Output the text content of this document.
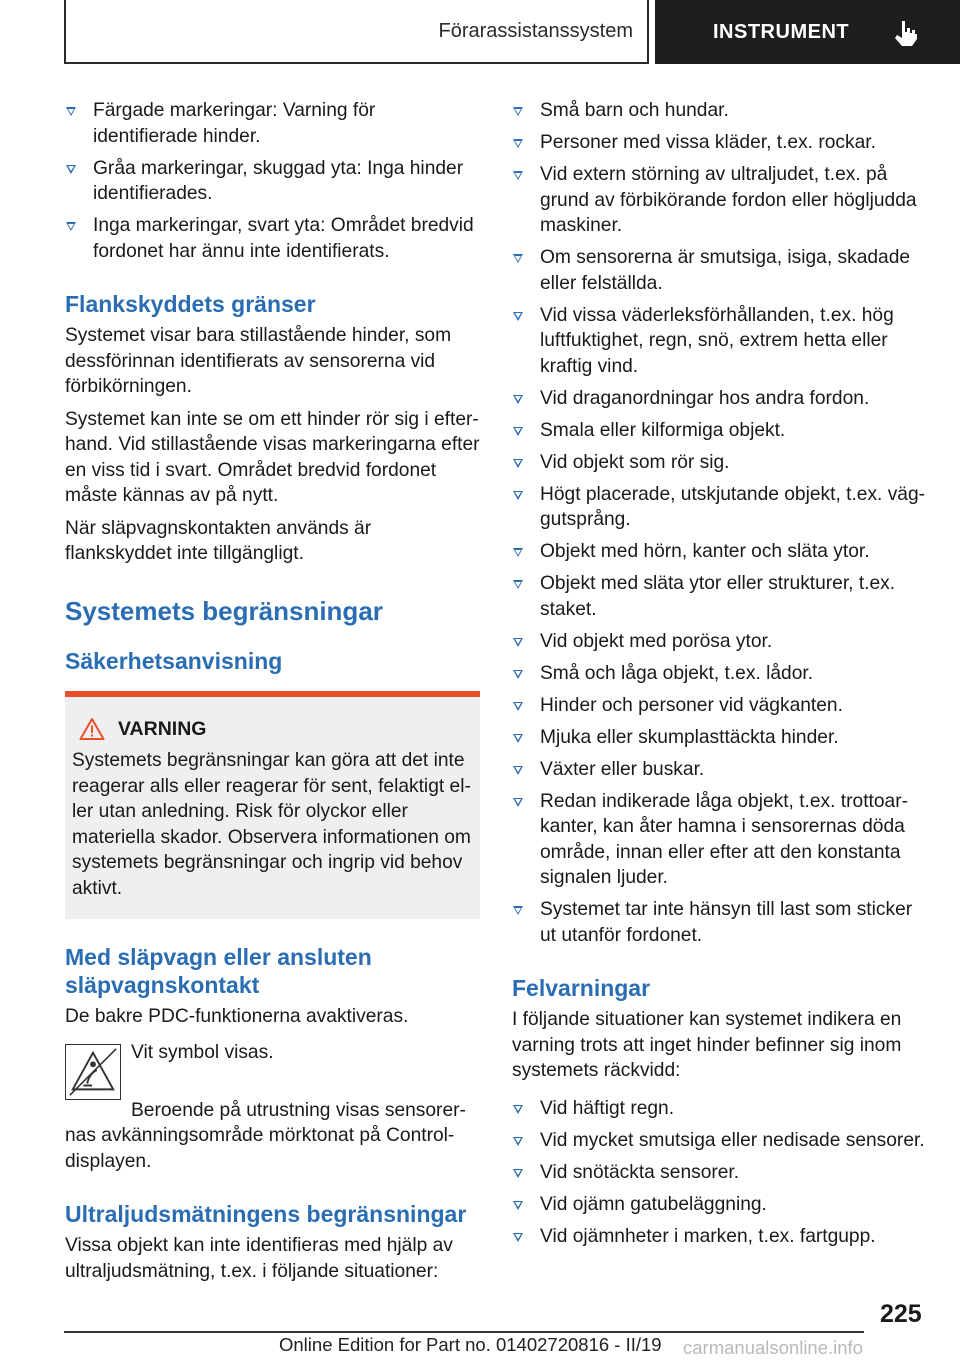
Förarassistanssystem	INSTRUMENT
Färgade markeringar: Varning för identifierade hinder.
Gråa markeringar, skuggad yta: Inga hinder identifierades.
Inga markeringar, svart yta: Området bredvid fordonet har ännu inte identifierats.
Flankskyddets gränser

Systemet visar bara stillastående hinder, som dessförinnan identifierats av sensorerna vid förbikörningen.

Systemet kan inte se om ett hinder rör sig i efterhand. Vid stillastående visas markeringarna efter en viss tid i svart. Området bredvid fordonet måste kännas av på nytt.

När släpvagnskontakten används är flankskyddet inte tillgängligt.

Systemets begränsningar
Säkerhetsanvisning
VARNING
Systemets begränsningar kan göra att det inte reagerar alls eller reagerar för sent, felaktigt eller utan anledning. Risk för olyckor eller materiella skador. Observera informationen om systemets begränsningar och ingrip vid behov aktivt.
Med släpvagn eller ansluten släpvagnskontakt

De bakre PDC-funktionerna avaktiveras.

Vit symbol visas.

Beroende på utrustning visas sensorernas avkänningsområde mörktonat på Control-displayen.

Ultraljudsmätningens begränsningar

Vissa objekt kan inte identifieras med hjälp av ultraljudsmätning, t.ex. i följande situationer:

Små barn och hundar.
Personer med vissa kläder, t.ex. rockar.
Vid extern störning av ultraljudet, t.ex. på grund av förbikörande fordon eller högljudda maskiner.
Om sensorerna är smutsiga, isiga, skadade eller felställda.
Vid vissa väderleksförhållanden, t.ex. hög luftfuktighet, regn, snö, extrem hetta eller kraftig vind.
Vid draganordningar hos andra fordon.
Smala eller kilformiga objekt.
Vid objekt som rör sig.
Högt placerade, utskjutande objekt, t.ex. väggutsprång.
Objekt med hörn, kanter och släta ytor.
Objekt med släta ytor eller strukturer, t.ex. staket.
Vid objekt med porösa ytor.
Små och låga objekt, t.ex. lådor.
Hinder och personer vid vägkanten.
Mjuka eller skumplasttäckta hinder.
Växter eller buskar.
Redan indikerade låga objekt, t.ex. trottoarkanter, kan åter hamna i sensorernas döda område, innan eller efter att den konstanta signalen ljuder.
Systemet tar inte hänsyn till last som sticker ut utanför fordonet.
Felvarningar

I följande situationer kan systemet indikera en varning trots att inget hinder befinner sig inom systemets räckvidd:

Vid häftigt regn.
Vid mycket smutsiga eller nedisade sensorer.
Vid snötäckta sensorer.
Vid ojämn gatubeläggning.
Vid ojämnheter i marken, t.ex. fartgupp.
225
Online Edition for Part no. 01402720816 - II/19 carmanualsonline.info
